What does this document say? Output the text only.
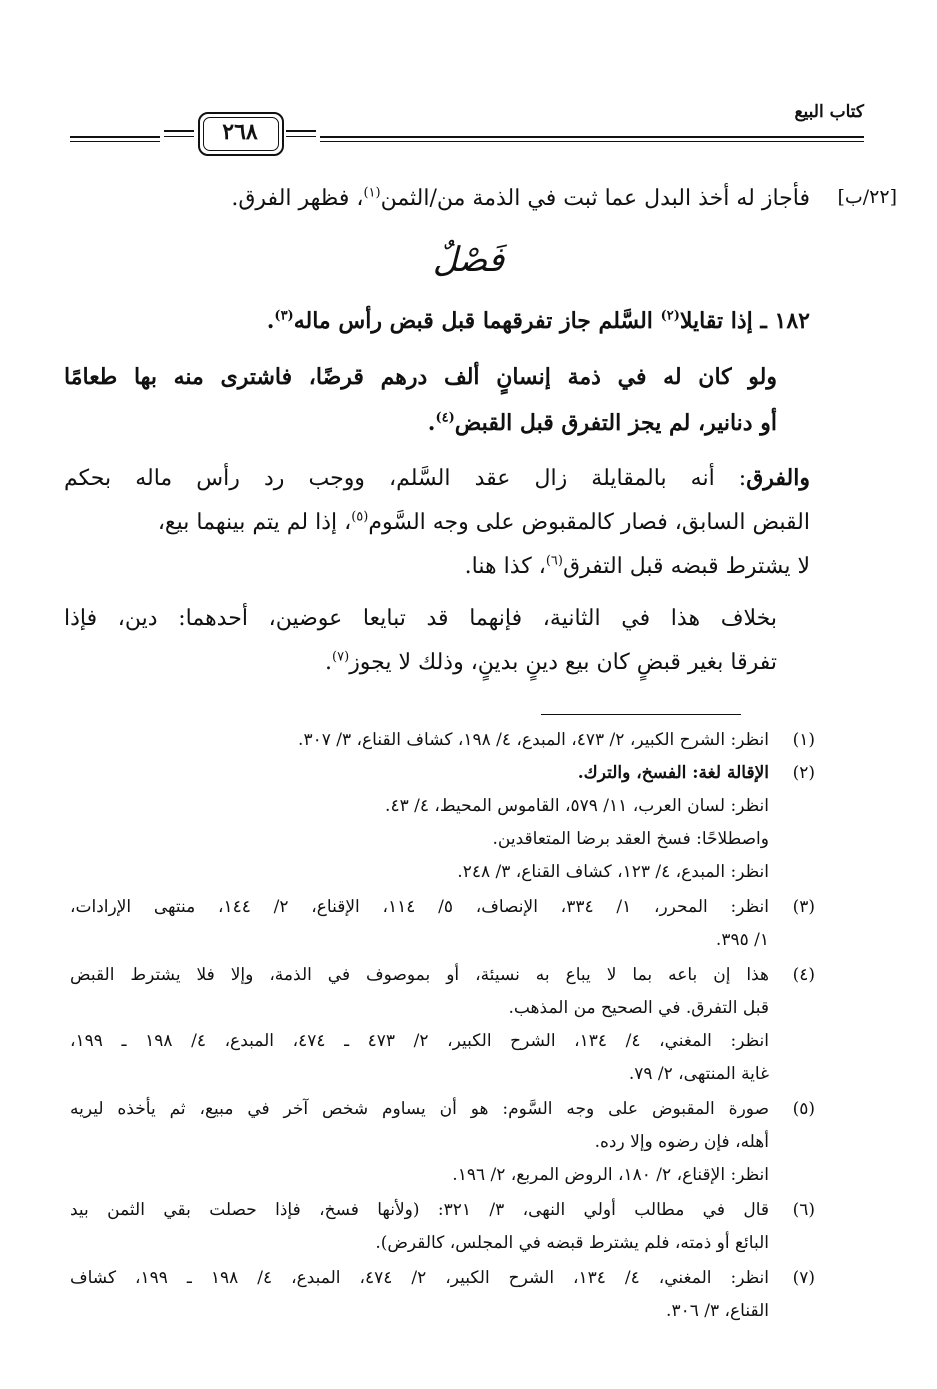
كتاب البيع
٢٦٨
[٢٢/ب]
فأجاز له أخذ البدل عما ثبت في الذمة من/الثمن$^{(١)}$، فظهر الفرق.
فَصْلٌ
١٨٢ ـ إذا تقايلا$^{(٢)}$ السَّلم جاز تفرقهما قبل قبض رأس ماله$^{(٣)}$.
ولو كان له في ذمة إنسانٍ ألف درهم قرضًا، فاشترى منه بها طعامًا
أو دنانير، لم يجز التفرق قبل القبض$^{(٤)}$.
والفرق: أنه بالمقايلة زال عقد السَّلم، ووجب رد رأس ماله بحكم
القبض السابق، فصار كالمقبوض على وجه السَّوم$^{(٥)}$، إذا لم يتم بينهما بيع،
لا يشترط قبضه قبل التفرق$^{(٦)}$، كذا هنا.
بخلاف هذا في الثانية، فإنهما قد تبايعا عوضين، أحدهما: دين، فإذا
تفرقا بغير قبضٍ كان بيع دينٍ بدينٍ، وذلك لا يجوز$^{(٧)}$.
(١)
انظر: الشرح الكبير، ٢/ ٤٧٣، المبدع، ٤/ ١٩٨، كشاف القناع، ٣/ ٣٠٧.
(٢)
الإقالة لغة: الفسخ، والترك.
انظر: لسان العرب، ١١/ ٥٧٩، القاموس المحيط، ٤/ ٤٣.
واصطلاحًا: فسخ العقد برضا المتعاقدين.
انظر: المبدع، ٤/ ١٢٣، كشاف القناع، ٣/ ٢٤٨.
(٣)
انظر: المحرر، ١/ ٣٣٤، الإنصاف، ٥/ ١١٤، الإقناع، ٢/ ١٤٤، منتهى الإرادات،
١/ ٣٩٥.
(٤)
هذا إن باعه بما لا يباع به نسيئة، أو بموصوف في الذمة، وإلا فلا يشترط القبض
قبل التفرق. في الصحيح من المذهب.
انظر: المغني، ٤/ ١٣٤، الشرح الكبير، ٢/ ٤٧٣ ـ ٤٧٤، المبدع، ٤/ ١٩٨ ـ ١٩٩،
غاية المنتهى، ٢/ ٧٩.
(٥)
صورة المقبوض على وجه السَّوم: هو أن يساوم شخص آخر في مبيع، ثم يأخذه ليريه
أهله، فإن رضوه وإلا رده.
انظر: الإقناع، ٢/ ١٨٠، الروض المربع، ٢/ ١٩٦.
(٦)
قال في مطالب أولي النهى، ٣/ ٣٢١: (ولأنها فسخ، فإذا حصلت بقي الثمن بيد
البائع أو ذمته، فلم يشترط قبضه في المجلس، كالقرض).
(٧)
انظر: المغني، ٤/ ١٣٤، الشرح الكبير، ٢/ ٤٧٤، المبدع، ٤/ ١٩٨ ـ ١٩٩، كشاف
القناع، ٣/ ٣٠٦.
